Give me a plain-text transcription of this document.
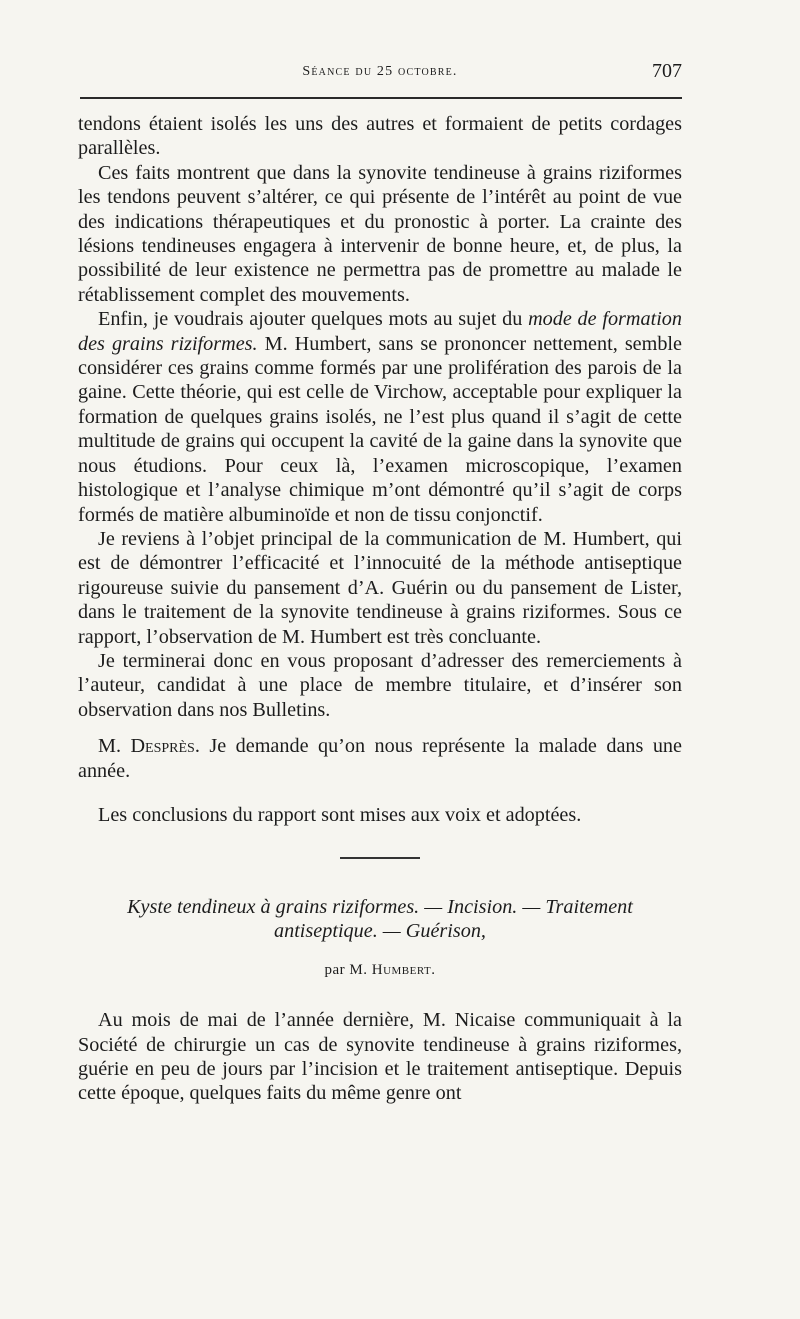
Séance du 25 octobre.	707

tendons étaient isolés les uns des autres et formaient de petits cordages parallèles.

Ces faits montrent que dans la synovite tendineuse à grains riziformes les tendons peuvent s’altérer, ce qui présente de l’intérêt au point de vue des indications thérapeutiques et du pronostic à porter. La crainte des lésions tendineuses engagera à intervenir de bonne heure, et, de plus, la possibilité de leur existence ne permettra pas de promettre au malade le rétablissement complet des mouvements.

Enfin, je voudrais ajouter quelques mots au sujet du mode de formation des grains riziformes. M. Humbert, sans se prononcer nettement, semble considérer ces grains comme formés par une prolifération des parois de la gaine. Cette théorie, qui est celle de Virchow, acceptable pour expliquer la formation de quelques grains isolés, ne l’est plus quand il s’agit de cette multitude de grains qui occupent la cavité de la gaine dans la synovite que nous étudions. Pour ceux là, l’examen microscopique, l’examen histologique et l’analyse chimique m’ont démontré qu’il s’agit de corps formés de matière albuminoïde et non de tissu conjonctif.

Je reviens à l’objet principal de la communication de M. Humbert, qui est de démontrer l’efficacité et l’innocuité de la méthode antiseptique rigoureuse suivie du pansement d’A. Guérin ou du pansement de Lister, dans le traitement de la synovite tendineuse à grains riziformes. Sous ce rapport, l’observation de M. Humbert est très concluante.

Je terminerai donc en vous proposant d’adresser des remerciements à l’auteur, candidat à une place de membre titulaire, et d’insérer son observation dans nos Bulletins.

M. Desprès. Je demande qu’on nous représente la malade dans une année.

Les conclusions du rapport sont mises aux voix et adoptées.

Kyste tendineux à grains riziformes. — Incision. — Traitement antiseptique. — Guérison,

par M. Humbert.

Au mois de mai de l’année dernière, M. Nicaise communiquait à la Société de chirurgie un cas de synovite tendineuse à grains riziformes, guérie en peu de jours par l’incision et le traitement antiseptique. Depuis cette époque, quelques faits du même genre ont
